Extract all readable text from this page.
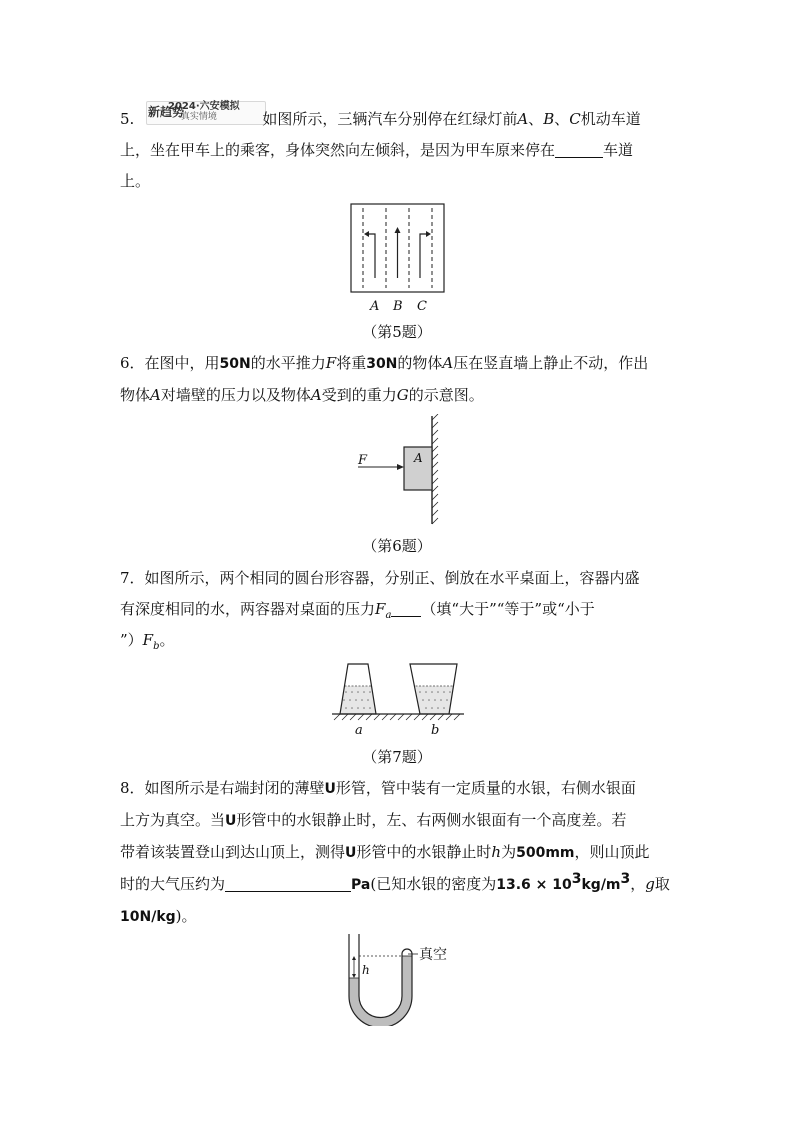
新趋势
2024·六安模拟
·真实情境

5.	如图所示，三辆汽车分别停在红绿灯前A、B、C机动车道

上，坐在甲车上的乘客，身体突然向左倾斜，是因为甲车原来停在	车道

上。

A B C
（第5题）

6．在图中，用50N的水平推力F将重30N的物体A压在竖直墙上静止不动，作出

物体A对墙壁的压力以及物体A受到的重力G的示意图。

A
F
（第6题）

7．如图所示，两个相同的圆台形容器，分别正、倒放在水平桌面上，容器内盛

有深度相同的水，两容器对桌面的压力$F_a$ （填“大于”“等于”或“小于

$”)F_b$。

a	b
（第7题）

8．如图所示是右端封闭的薄壁U形管，管中装有一定质量的水银，右侧水银面

上方为真空。当U形管中的水银静止时，左、右两侧水银面有一个高度差。若

带着该装置登山到达山顶上，测得U形管中的水银静止时h为500mm，则山顶此

时的大气压约为	Pa(已知水银的密度为$13.6 \times 10^3kg/m^3$，g取

10N/kg)。

h
真空
